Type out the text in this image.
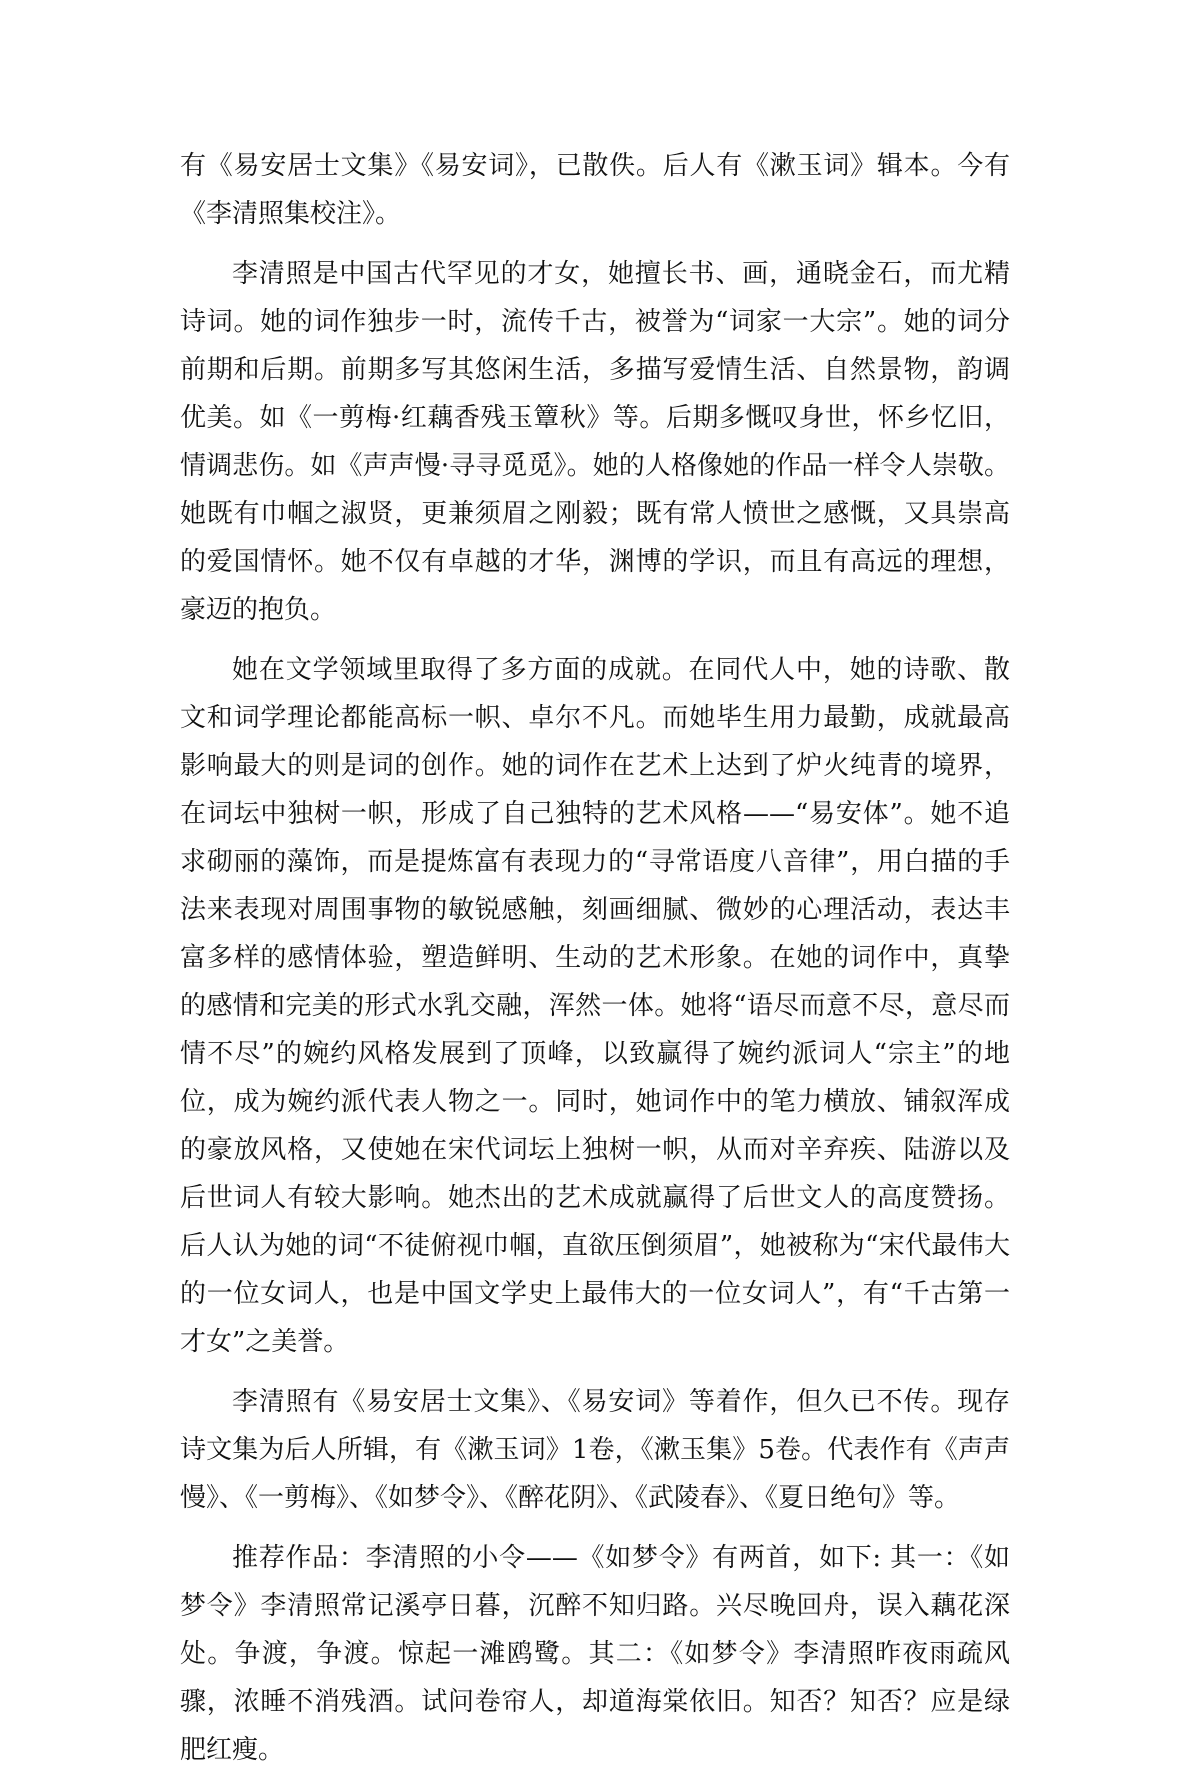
有《易安居士文集》《易安词》，已散佚。后人有《漱玉词》辑本。今有《李清照集校注》。

李清照是中国古代罕见的才女，她擅长书、画，通晓金石，而尤精诗词。她的词作独步一时，流传千古，被誉为“词家一大宗”。她的词分前期和后期。前期多写其悠闲生活，多描写爱情生活、自然景物，韵调优美。如《一剪梅·红藕香残玉簟秋》等。后期多慨叹身世，怀乡忆旧，情调悲伤。如《声声慢·寻寻觅觅》。她的人格像她的作品一样令人崇敬。她既有巾帼之淑贤，更兼须眉之刚毅；既有常人愤世之感慨，又具崇高的爱国情怀。她不仅有卓越的才华，渊博的学识，而且有高远的理想，豪迈的抱负。

她在文学领域里取得了多方面的成就。在同代人中，她的诗歌、散文和词学理论都能高标一帜、卓尔不凡。而她毕生用力最勤，成就最高影响最大的则是词的创作。她的词作在艺术上达到了炉火纯青的境界，在词坛中独树一帜，形成了自己独特的艺术风格——“易安体”。她不追求砌丽的藻饰，而是提炼富有表现力的“寻常语度八音律”，用白描的手法来表现对周围事物的敏锐感触，刻画细腻、微妙的心理活动，表达丰富多样的感情体验，塑造鲜明、生动的艺术形象。在她的词作中，真挚的感情和完美的形式水乳交融，浑然一体。她将“语尽而意不尽，意尽而情不尽”的婉约风格发展到了顶峰，以致赢得了婉约派词人“宗主”的地位，成为婉约派代表人物之一。同时，她词作中的笔力横放、铺叙浑成的豪放风格，又使她在宋代词坛上独树一帜，从而对辛弃疾、陆游以及后世词人有较大影响。她杰出的艺术成就赢得了后世文人的高度赞扬。后人认为她的词“不徒俯视巾帼，直欲压倒须眉”，她被称为“宋代最伟大的一位女词人，也是中国文学史上最伟大的一位女词人”，有“千古第一才女”之美誉。

李清照有《易安居士文集》、《易安词》等着作，但久已不传。现存诗文集为后人所辑，有《漱玉词》1卷，《漱玉集》5卷。代表作有《声声慢》、《一剪梅》、《如梦令》、《醉花阴》、《武陵春》、《夏日绝句》等。

推荐作品：李清照的小令——《如梦令》有两首，如下: 其一：《如梦令》李清照常记溪亭日暮，沉醉不知归路。兴尽晚回舟，误入藕花深处。争渡，争渡。惊起一滩鸥鹭。其二：《如梦令》李清照昨夜雨疏风骤，浓睡不消残酒。试问卷帘人，却道海棠依旧。知否？知否？应是绿肥红瘦。
